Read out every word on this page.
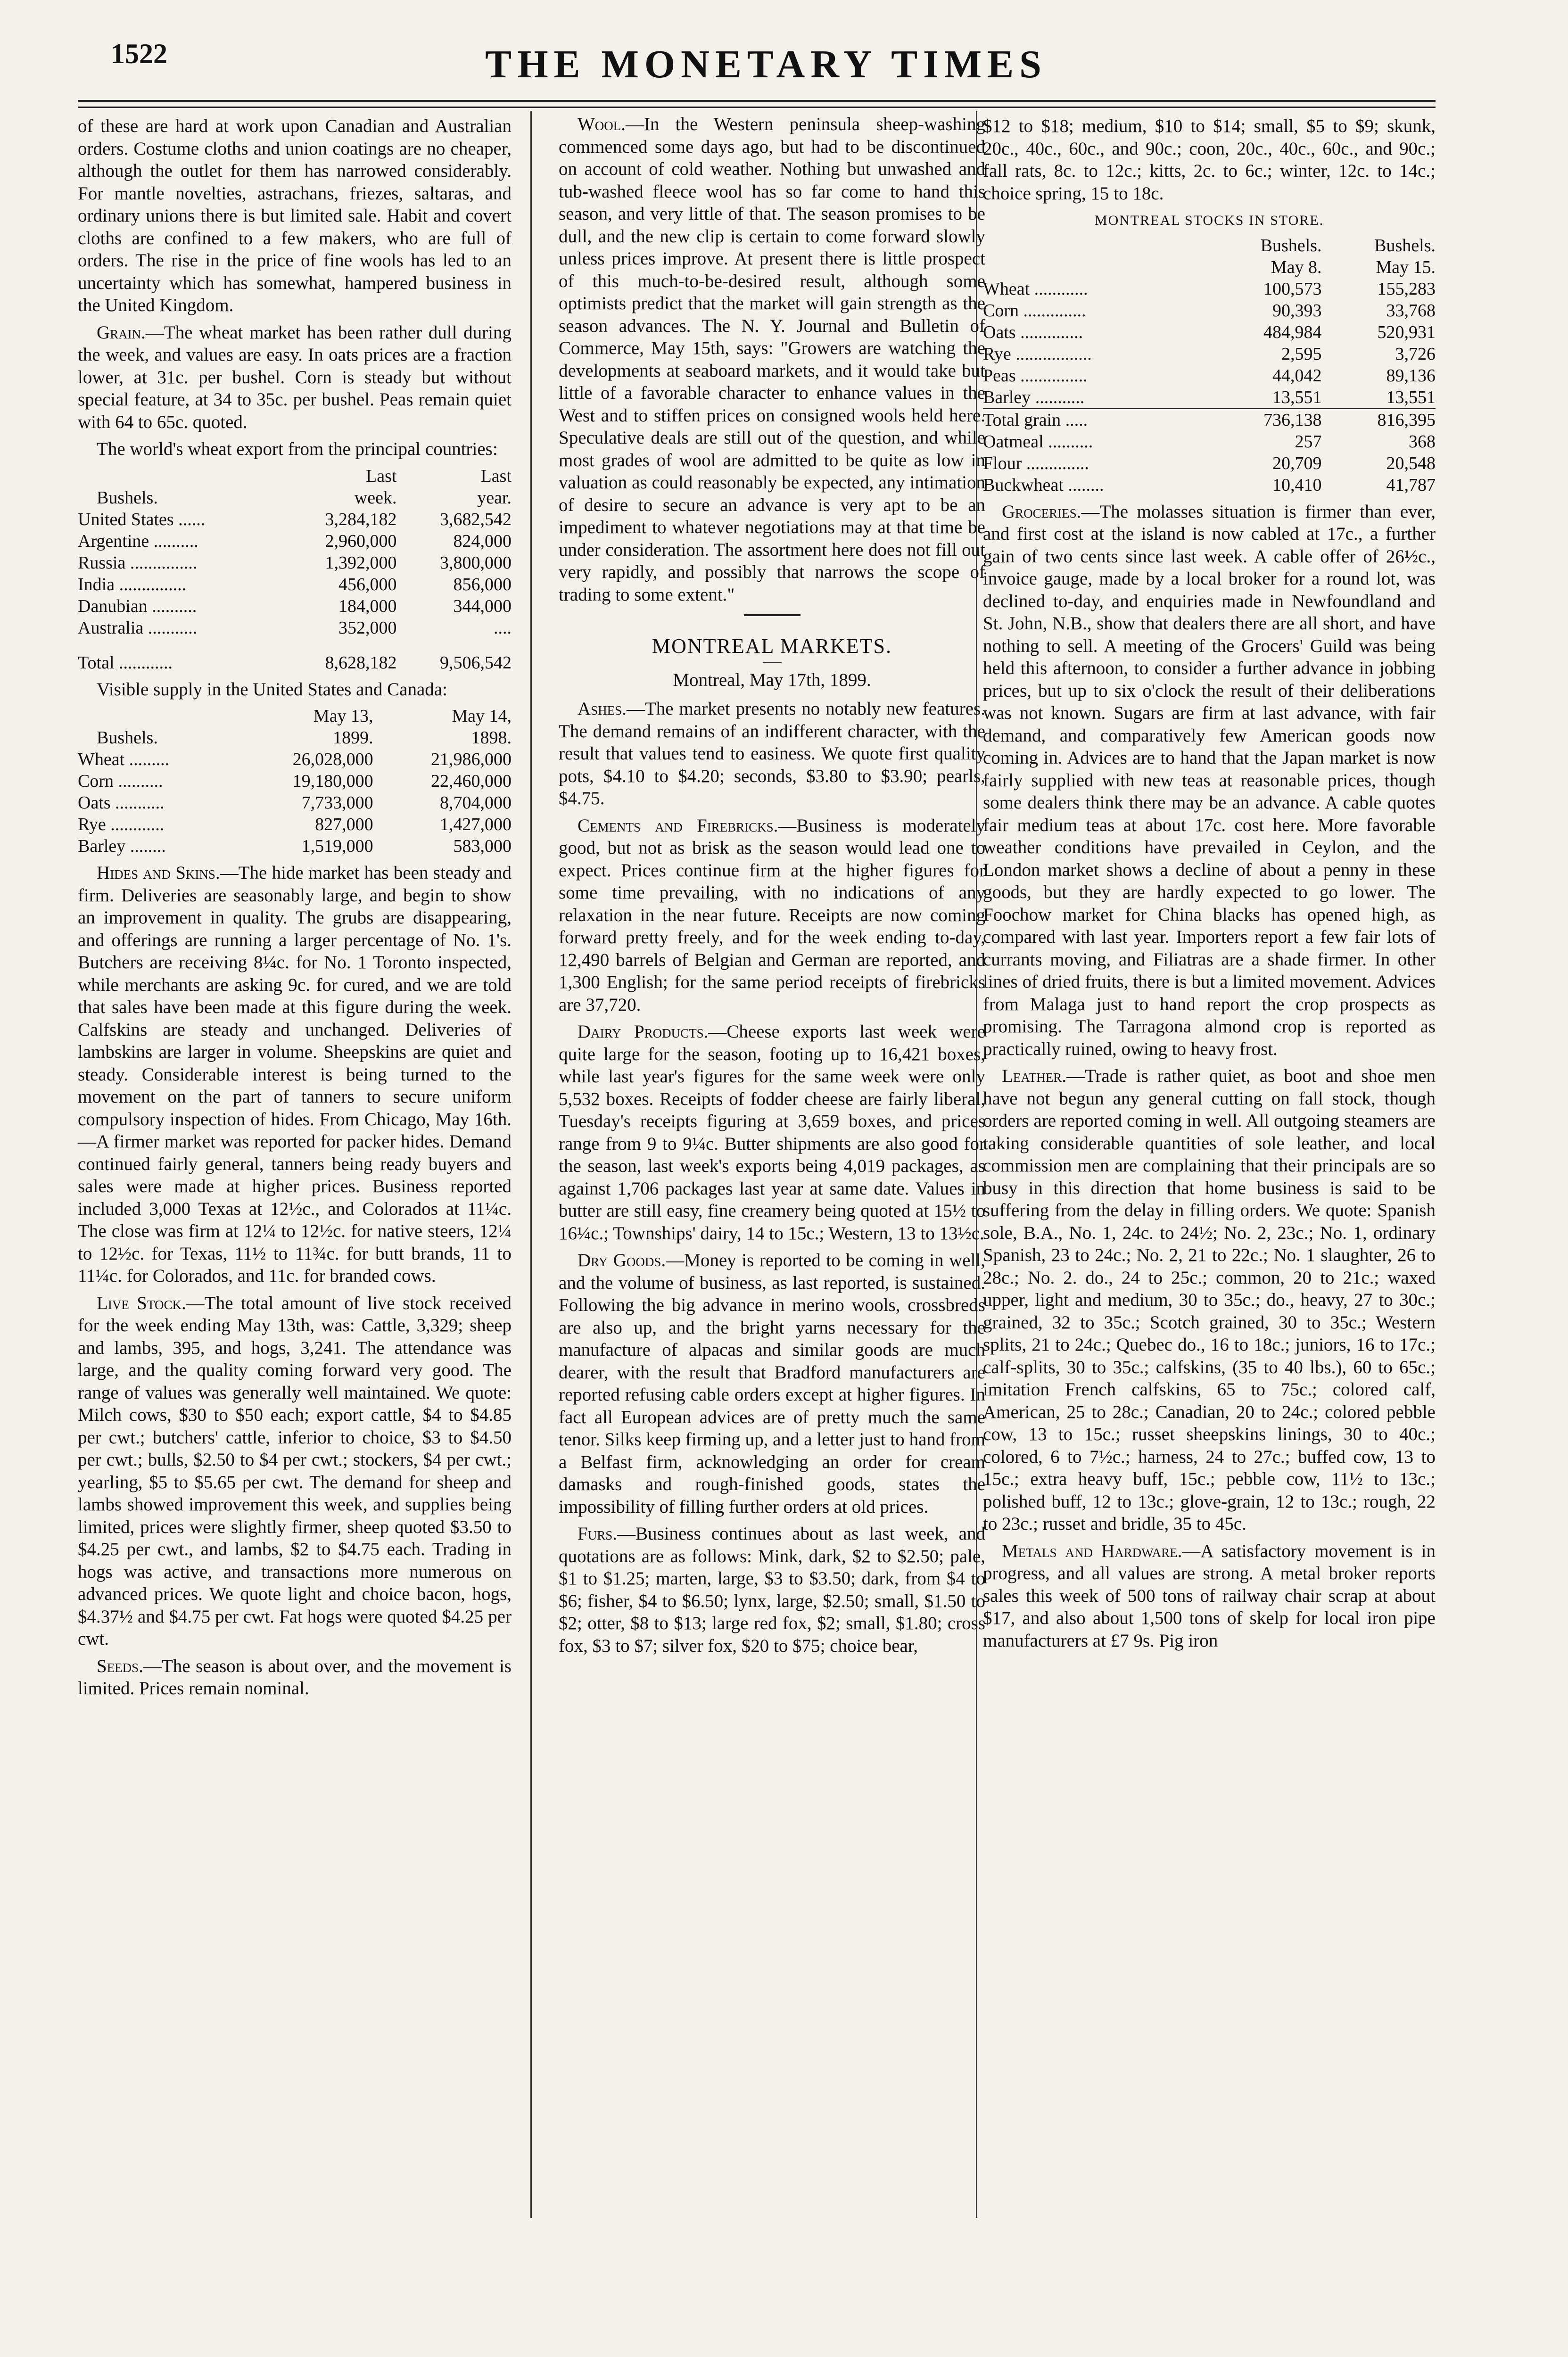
1522	THE MONETARY TIMES

of these are hard at work upon Canadian and Australian orders. Costume cloths and union coatings are no cheaper, although the outlet for them has narrowed considerably. For mantle novelties, astrachans, friezes, saltaras, and ordinary unions there is but limited sale. Habit and covert cloths are confined to a few makers, who are full of orders. The rise in the price of fine wools has led to an uncertainty which has somewhat, hampered business in the United Kingdom.

Grain.—The wheat market has been rather dull during the week, and values are easy. In oats prices are a fraction lower, at 31c. per bushel. Corn is steady but without special feature, at 34 to 35c. per bushel. Peas remain quiet with 64 to 65c. quoted.

The world's wheat export from the principal countries:

	Last	Last
Bushels.	week.	year.
United States ......	3,284,182	3,682,542
Argentine ..........	2,960,000	824,000
Russia ...............	1,392,000	3,800,000
India ...............	456,000	856,000
Danubian ..........	184,000	344,000
Australia ...........	352,000	....
Total ............	8,628,182	9,506,542

Visible supply in the United States and Canada:

	May 13,	May 14,
Bushels.	1899.	1898.
Wheat .........	26,028,000	21,986,000
Corn ..........	19,180,000	22,460,000
Oats ...........	7,733,000	8,704,000
Rye ............	827,000	1,427,000
Barley ........	1,519,000	583,000

Hides and Skins.—The hide market has been steady and firm. Deliveries are seasonably large, and begin to show an improvement in quality. The grubs are disappearing, and offerings are running a larger percentage of No. 1's. Butchers are receiving 8¼c. for No. 1 Toronto inspected, while merchants are asking 9c. for cured, and we are told that sales have been made at this figure during the week. Calfskins are steady and unchanged. Deliveries of lambskins are larger in volume. Sheepskins are quiet and steady. Considerable interest is being turned to the movement on the part of tanners to secure uniform compulsory inspection of hides. From Chicago, May 16th.—A firmer market was reported for packer hides. Demand continued fairly general, tanners being ready buyers and sales were made at higher prices. Business reported included 3,000 Texas at 12½c., and Colorados at 11¼c. The close was firm at 12¼ to 12½c. for native steers, 12¼ to 12½c. for Texas, 11½ to 11¾c. for butt brands, 11 to 11¼c. for Colorados, and 11c. for branded cows.

Live Stock.—The total amount of live stock received for the week ending May 13th, was: Cattle, 3,329; sheep and lambs, 395, and hogs, 3,241. The attendance was large, and the quality coming forward very good. The range of values was generally well maintained. We quote: Milch cows, $30 to $50 each; export cattle, $4 to $4.85 per cwt.; butchers' cattle, inferior to choice, $3 to $4.50 per cwt.; bulls, $2.50 to $4 per cwt.; stockers, $4 per cwt.; yearling, $5 to $5.65 per cwt. The demand for sheep and lambs showed improvement this week, and supplies being limited, prices were slightly firmer, sheep quoted $3.50 to $4.25 per cwt., and lambs, $2 to $4.75 each. Trading in hogs was active, and transactions more numerous on advanced prices. We quote light and choice bacon, hogs, $4.37½ and $4.75 per cwt. Fat hogs were quoted $4.25 per cwt.

Seeds.—The season is about over, and the movement is limited. Prices remain nominal.

Wool.—In the Western peninsula sheep-washing commenced some days ago, but had to be discontinued on account of cold weather. Nothing but unwashed and tub-washed fleece wool has so far come to hand this season, and very little of that. The season promises to be dull, and the new clip is certain to come forward slowly unless prices improve. At present there is little prospect of this much-to-be-desired result, although some optimists predict that the market will gain strength as the season advances. The N. Y. Journal and Bulletin of Commerce, May 15th, says: "Growers are watching the developments at seaboard markets, and it would take but little of a favorable character to enhance values in the West and to stiffen prices on consigned wools held here. Speculative deals are still out of the question, and while most grades of wool are admitted to be quite as low in valuation as could reasonably be expected, any intimation of desire to secure an advance is very apt to be an impediment to whatever negotiations may at that time be under consideration. The assortment here does not fill out very rapidly, and possibly that narrows the scope of trading to some extent."

MONTREAL MARKETS.

Montreal, May 17th, 1899.

Ashes.—The market presents no notably new features. The demand remains of an indifferent character, with the result that values tend to easiness. We quote first quality pots, $4.10 to $4.20; seconds, $3.80 to $3.90; pearls, $4.75.

Cements and Firebricks.—Business is moderately good, but not as brisk as the season would lead one to expect. Prices continue firm at the higher figures for some time prevailing, with no indications of any relaxation in the near future. Receipts are now coming forward pretty freely, and for the week ending to-day, 12,490 barrels of Belgian and German are reported, and 1,300 English; for the same period receipts of firebricks are 37,720.

Dairy Products.—Cheese exports last week were quite large for the season, footing up to 16,421 boxes, while last year's figures for the same week were only 5,532 boxes. Receipts of fodder cheese are fairly liberal, Tuesday's receipts figuring at 3,659 boxes, and prices range from 9 to 9¼c. Butter shipments are also good for the season, last week's exports being 4,019 packages, as against 1,706 packages last year at same date. Values in butter are still easy, fine creamery being quoted at 15½ to 16¼c.; Townships' dairy, 14 to 15c.; Western, 13 to 13½c.

Dry Goods.—Money is reported to be coming in well, and the volume of business, as last reported, is sustained. Following the big advance in merino wools, crossbreds are also up, and the bright yarns necessary for the manufacture of alpacas and similar goods are much dearer, with the result that Bradford manufacturers are reported refusing cable orders except at higher figures. In fact all European advices are of pretty much the same tenor. Silks keep firming up, and a letter just to hand from a Belfast firm, acknowledging an order for cream damasks and rough-finished goods, states the impossibility of filling further orders at old prices.

Furs.—Business continues about as last week, and quotations are as follows: Mink, dark, $2 to $2.50; pale, $1 to $1.25; marten, large, $3 to $3.50; dark, from $4 to $6; fisher, $4 to $6.50; lynx, large, $2.50; small, $1.50 to $2; otter, $8 to $13; large red fox, $2; small, $1.80; cross fox, $3 to $7; silver fox, $20 to $75; choice bear,

$12 to $18; medium, $10 to $14; small, $5 to $9; skunk, 20c., 40c., 60c., and 90c.; coon, 20c., 40c., 60c., and 90c.; fall rats, 8c. to 12c.; kitts, 2c. to 6c.; winter, 12c. to 14c.; choice spring, 15 to 18c.

MONTREAL STOCKS IN STORE.

	Bushels.	Bushels.
	May 8.	May 15.
Wheat ............	100,573	155,283
Corn ..............	90,393	33,768
Oats ..............	484,984	520,931
Rye .................	2,595	3,726
Peas ...............	44,042	89,136
Barley ...........	13,551	13,551
Total grain .....	736,138	816,395
Oatmeal ..........	257	368
Flour ..............	20,709	20,548
Buckwheat ........	10,410	41,787

Groceries.—The molasses situation is firmer than ever, and first cost at the island is now cabled at 17c., a further gain of two cents since last week. A cable offer of 26½c., invoice gauge, made by a local broker for a round lot, was declined to-day, and enquiries made in Newfoundland and St. John, N.B., show that dealers there are all short, and have nothing to sell. A meeting of the Grocers' Guild was being held this afternoon, to consider a further advance in jobbing prices, but up to six o'clock the result of their deliberations was not known. Sugars are firm at last advance, with fair demand, and comparatively few American goods now coming in. Advices are to hand that the Japan market is now fairly supplied with new teas at reasonable prices, though some dealers think there may be an advance. A cable quotes fair medium teas at about 17c. cost here. More favorable weather conditions have prevailed in Ceylon, and the London market shows a decline of about a penny in these goods, but they are hardly expected to go lower. The Foochow market for China blacks has opened high, as compared with last year. Importers report a few fair lots of currants moving, and Filiatras are a shade firmer. In other lines of dried fruits, there is but a limited movement. Advices from Malaga just to hand report the crop prospects as promising. The Tarragona almond crop is reported as practically ruined, owing to heavy frost.

Leather.—Trade is rather quiet, as boot and shoe men have not begun any general cutting on fall stock, though orders are reported coming in well. All outgoing steamers are taking considerable quantities of sole leather, and local commission men are complaining that their principals are so busy in this direction that home business is said to be suffering from the delay in filling orders. We quote: Spanish sole, B.A., No. 1, 24c. to 24½; No. 2, 23c.; No. 1, ordinary Spanish, 23 to 24c.; No. 2, 21 to 22c.; No. 1 slaughter, 26 to 28c.; No. 2. do., 24 to 25c.; common, 20 to 21c.; waxed upper, light and medium, 30 to 35c.; do., heavy, 27 to 30c.; grained, 32 to 35c.; Scotch grained, 30 to 35c.; Western splits, 21 to 24c.; Quebec do., 16 to 18c.; juniors, 16 to 17c.; calf-splits, 30 to 35c.; calfskins, (35 to 40 lbs.), 60 to 65c.; imitation French calfskins, 65 to 75c.; colored calf, American, 25 to 28c.; Canadian, 20 to 24c.; colored pebble cow, 13 to 15c.; russet sheepskins linings, 30 to 40c.; colored, 6 to 7½c.; harness, 24 to 27c.; buffed cow, 13 to 15c.; extra heavy buff, 15c.; pebble cow, 11½ to 13c.; polished buff, 12 to 13c.; glove-grain, 12 to 13c.; rough, 22 to 23c.; russet and bridle, 35 to 45c.

Metals and Hardware.—A satisfactory movement is in progress, and all values are strong. A metal broker reports sales this week of 500 tons of railway chair scrap at about $17, and also about 1,500 tons of skelp for local iron pipe manufacturers at £7 9s. Pig iron
